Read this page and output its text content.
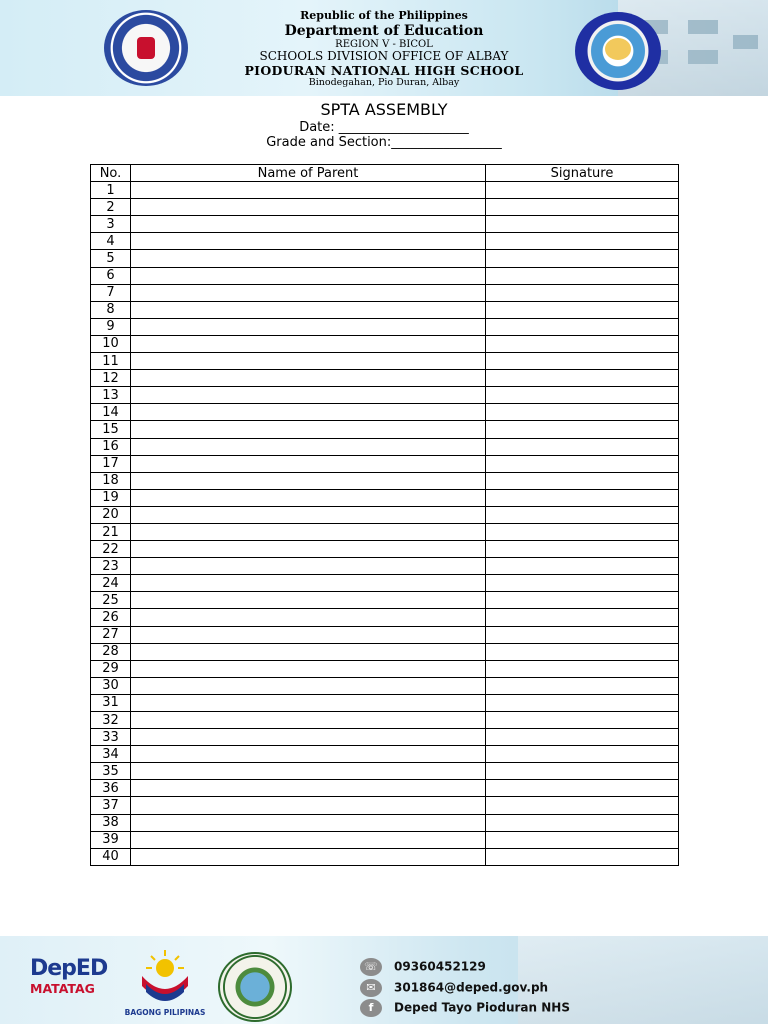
Republic of the Philippines
Department of Education
REGION V - BICOL
SCHOOLS DIVISION OFFICE OF ALBAY
PIODURAN NATIONAL HIGH SCHOOL
Binodegahan, Pio Duran, Albay
SPTA ASSEMBLY
Date: ____________________
Grade and Section:_________________
No.	Name of Parent	Signature
1		
2		
3		
4		
5		
6		
7		
8		
9		
10		
11		
12		
13		
14		
15		
16		
17		
18		
19		
20		
21		
22		
23		
24		
25		
26		
27		
28		
29		
30		
31		
32		
33		
34		
35		
36		
37		
38		
39		
40		
DepED
MATATAG
BAGONG PILIPINAS
☏ 09360452129
✉ 301864@deped.gov.ph
f Deped Tayo Pioduran NHS
